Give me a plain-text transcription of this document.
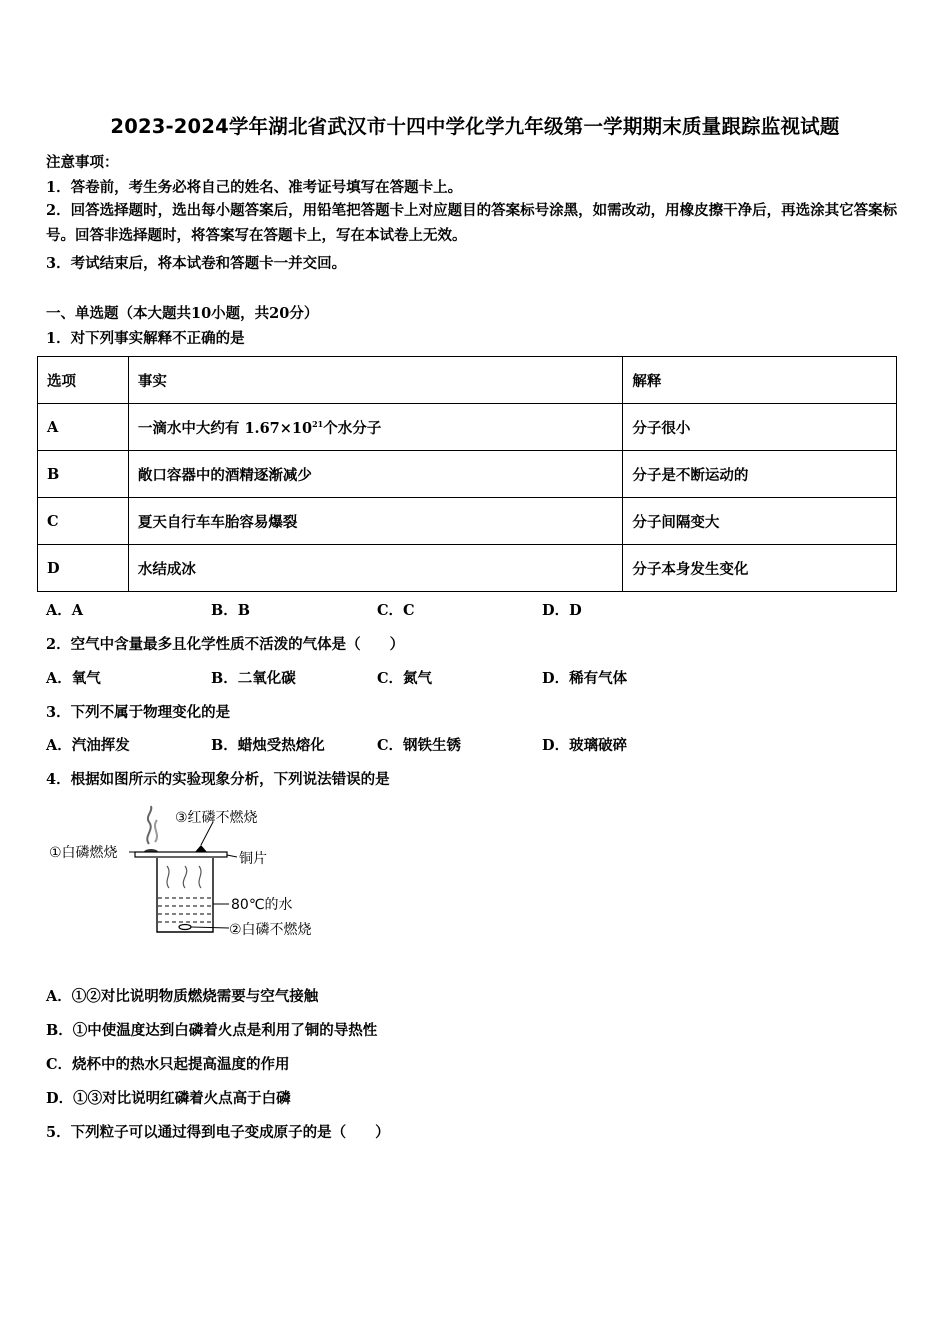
2023-2024学年湖北省武汉市十四中学化学九年级第一学期期末质量跟踪监视试题
注意事项：
1．答卷前，考生务必将自己的姓名、准考证号填写在答题卡上。
2．回答选择题时，选出每小题答案后，用铅笔把答题卡上对应题目的答案标号涂黑，如需改动，用橡皮擦干净后，再选涂其它答案标号。回答非选择题时，将答案写在答题卡上，写在本试卷上无效。
3．考试结束后，将本试卷和答题卡一并交回。
一、单选题（本大题共10小题，共20分）
1．对下列事实解释不正确的是
选项	事实	解释
A	一滴水中大约有 $1.67\times 10^{21}$个水分子	分子很小
B	敞口容器中的酒精逐渐减少	分子是不断运动的
C	夏天自行车车胎容易爆裂	分子间隔变大
D	水结成冰	分子本身发生变化
A．A	B．B	C．C	D．D
2．空气中含量最多且化学性质不活泼的气体是（　　）
A．氧气	B．二氧化碳	C．氮气	D．稀有气体
3．下列不属于物理变化的是
A．汽油挥发	B．蜡烛受热熔化	C．钢铁生锈	D．玻璃破碎
4．根据如图所示的实验现象分析，下列说法错误的是
③红磷不燃烧
①白磷燃烧	铜片
80℃的水
②白磷不燃烧
A．①②对比说明物质燃烧需要与空气接触
B．①中使温度达到白磷着火点是利用了铜的导热性
C．烧杯中的热水只起提高温度的作用
D．①③对比说明红磷着火点高于白磷
5．下列粒子可以通过得到电子变成原子的是（　　）
